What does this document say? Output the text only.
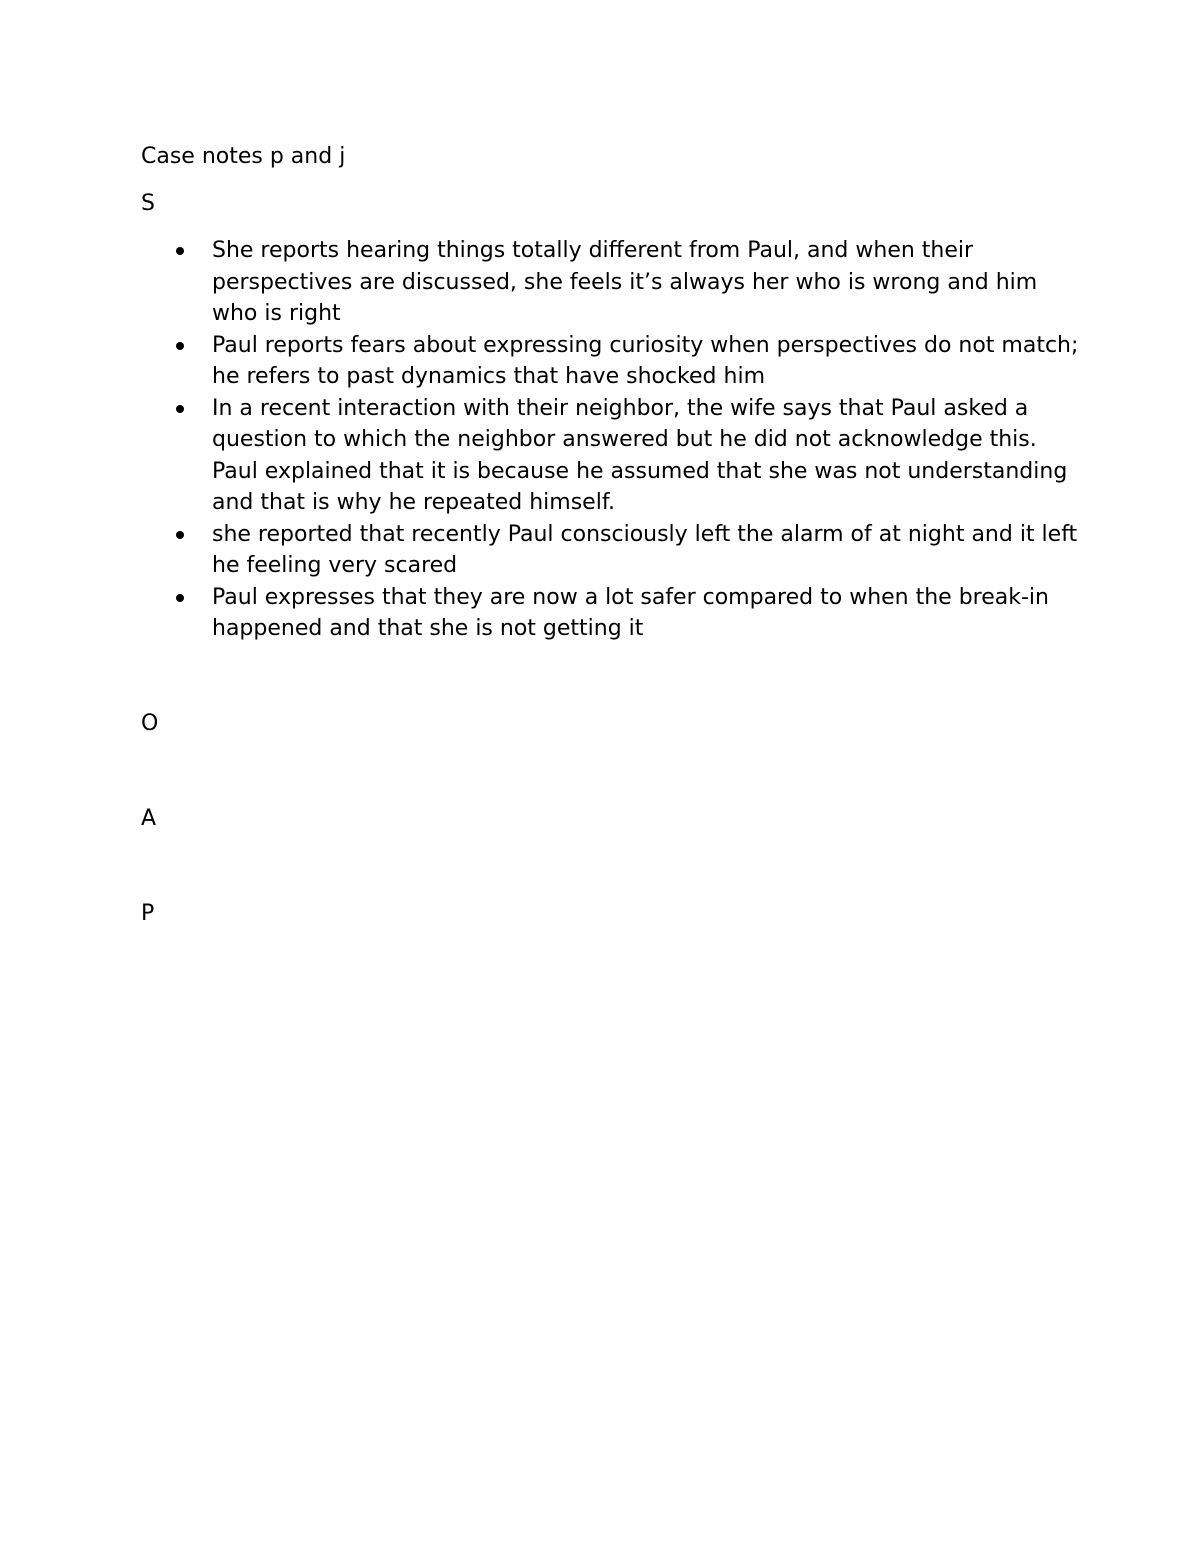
Case notes p and j
S
She reports hearing things totally different from Paul, and when their perspectives are discussed, she feels it’s always her who is wrong and him who is right
Paul reports fears about expressing curiosity when perspectives do not match; he refers to past dynamics that have shocked him
In a recent interaction with their neighbor, the wife says that Paul asked a question to which the neighbor answered but he did not acknowledge this. Paul explained that it is because he assumed that she was not understanding and that is why he repeated himself.
she reported that recently Paul consciously left the alarm of at night and it left he feeling very scared
Paul expresses that they are now a lot safer compared to when the break-in happened and that she is not getting it
O
A
P
